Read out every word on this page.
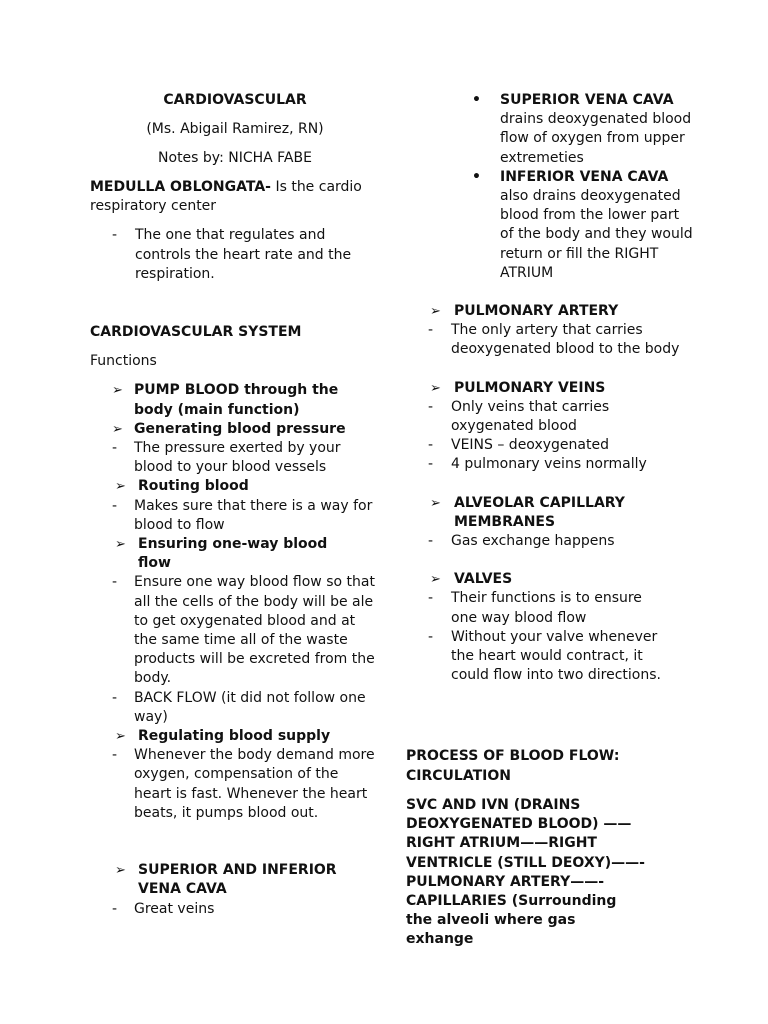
CARDIOVASCULAR
(Ms. Abigail Ramirez, RN)
Notes by: NICHA FABE
MEDULLA OBLONGATA- Is the cardio respiratory center
-	The one that regulates and controls the heart rate and the respiration.
CARDIOVASCULAR SYSTEM
Functions
➢ PUMP BLOOD through the body (main function)
➢ Generating blood pressure
-	The pressure exerted by your blood to your blood vessels
➢ Routing blood
-	Makes sure that there is a way for blood to flow
➢ Ensuring one-way blood flow
-	Ensure one way blood flow so that all the cells of the body will be ale to get oxygenated blood and at the same time all of the waste products will be excreted from the body.
-	BACK FLOW (it did not follow one way)
➢ Regulating blood supply
-	Whenever the body demand more oxygen, compensation of the heart is fast. Whenever the heart beats, it pumps blood out.
➢ SUPERIOR AND INFERIOR VENA CAVA
-	Great veins
•	SUPERIOR VENA CAVA
drains deoxygenated blood flow of oxygen from upper extremeties
•	INFERIOR VENA CAVA
also drains deoxygenated blood from the lower part of the body and they would return or fill the RIGHT ATRIUM
➢ PULMONARY ARTERY
-	The only artery that carries deoxygenated blood to the body
➢ PULMONARY VEINS
-	Only veins that carries oxygenated blood
-	VEINS – deoxygenated
-	4 pulmonary veins normally
➢ ALVEOLAR CAPILLARY MEMBRANES
-	Gas exchange happens
➢ VALVES
-	Their functions is to ensure one way blood flow
-	Without your valve whenever the heart would contract, it could flow into two directions.
PROCESS OF BLOOD FLOW: CIRCULATION
SVC AND IVN (DRAINS DEOXYGENATED BLOOD) ——RIGHT ATRIUM——RIGHT VENTRICLE (STILL DEOXY)——-PULMONARY ARTERY——-CAPILLARIES (Surrounding the alveoli where gas exhange
